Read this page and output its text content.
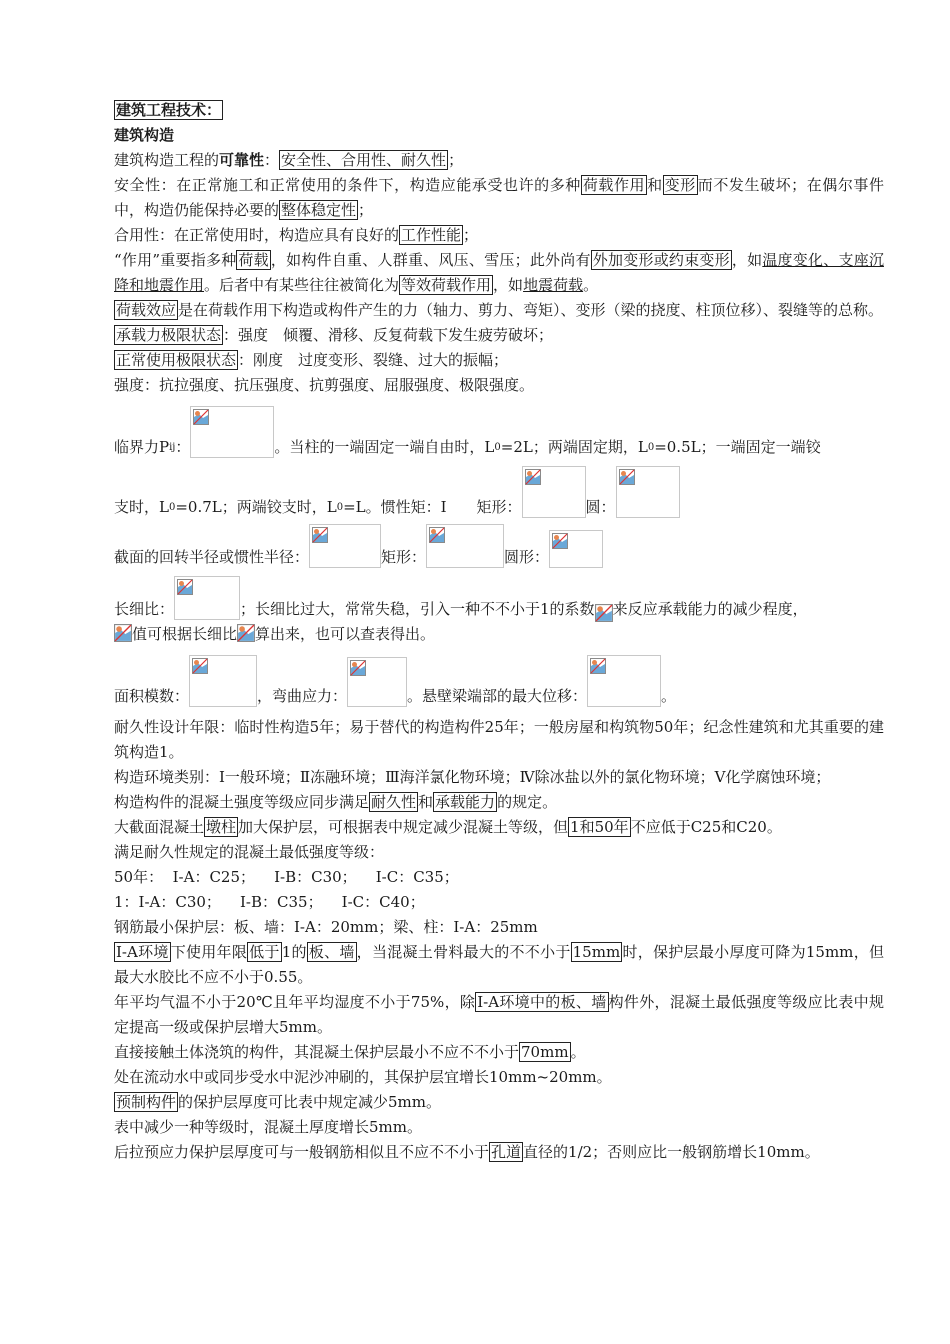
建筑工程技术：

建筑构造

建筑构造工程的可靠性： 安全性、合用性、耐久性 ；

安全性：在正常施工和正常使用的条件下，构造应能承受也许的多种 荷载作用 和 变形 而不发生破坏；在偶尔事件中，构造仍能保持必要的 整体稳定性 ；

合用性：在正常使用时，构造应具有良好的 工作性能 ；

“作用”重要指多种 荷载 ，如构件自重、人群重、风压、雪压；此外尚有 外加变形或约束变形 ，如温度变化、支座沉降和地震作用。后者中有某些往往被简化为 等效荷载作用 ，如地震荷载。

荷载效应 是在荷载作用下构造或构件产生的力（轴力、剪力、弯矩）、变形（梁的挠度、柱顶位移）、裂缝等的总称。

承载力极限状态 ：强度　倾覆、滑移、反复荷载下发生疲劳破坏；

正常使用极限状态 ：刚度　过度变形、裂缝、过大的振幅；

强度：抗拉强度、抗压强度、抗剪强度、屈服强度、极限强度。

临界力P ij ：	。当柱的一端固定一端自由时，L 0 =2L；两端固定期，L 0 =0.5L；一端固定一端铰
支时，L 0 =0.7L；两端铰支时，L 0 =L。惯性矩：I　　矩形：	圆：
截面的回转半径或惯性半径：	矩形：	圆形：
长细比：	；长细比过大，常常失稳，引入一种不不小于1的系数 来反应承载能力的减少程度，

值可根据长细比 算出来，也可以查表得出。

面积模数：	，弯曲应力：	。悬壁梁端部的最大位移：	。

耐久性设计年限：临时性构造5年；易于替代的构造构件25年；一般房屋和构筑物50年；纪念性建筑和尤其重要的建筑构造1。

构造环境类别：Ⅰ一般环境；Ⅱ冻融环境；Ⅲ海洋氯化物环境；Ⅳ除冰盐以外的氯化物环境；Ⅴ化学腐蚀环境；

构造构件的混凝土强度等级应同步满足 耐久性 和 承载能力 的规定。

大截面混凝土 墩柱 加大保护层，可根据表中规定减少混凝土等级，但 1和50年 不应低于C25和C20。

满足耐久性规定的混凝土最低强度等级：

50年：  I-A：C25；    I-B：C30；    I-C：C35；

1：I-A：C30；    I-B：C35；    I-C：C40；

钢筋最小保护层：板、墙：I-A：20mm；梁、柱：I-A：25mm

I-A环境 下使用年限 低于 1的 板、墙 ，当混凝土骨料最大的不不小于 15mm 时，保护层最小厚度可降为15mm，但最大水胶比不应不小于0.55。

年平均气温不小于20℃且年平均湿度不小于75%，除 I-A环境中的板、墙 构件外，混凝土最低强度等级应比表中规定提高一级或保护层增大5mm。

直接接触土体浇筑的构件，其混凝土保护层最小不应不不小于 70mm 。

处在流动水中或同步受水中泥沙冲刷的，其保护层宜增长10mm~20mm。

预制构件 的保护层厚度可比表中规定减少5mm。

表中减少一种等级时，混凝土厚度增长5mm。

后拉预应力保护层厚度可与一般钢筋相似且不应不不小于 孔道 直径的1/2；否则应比一般钢筋增长10mm。
